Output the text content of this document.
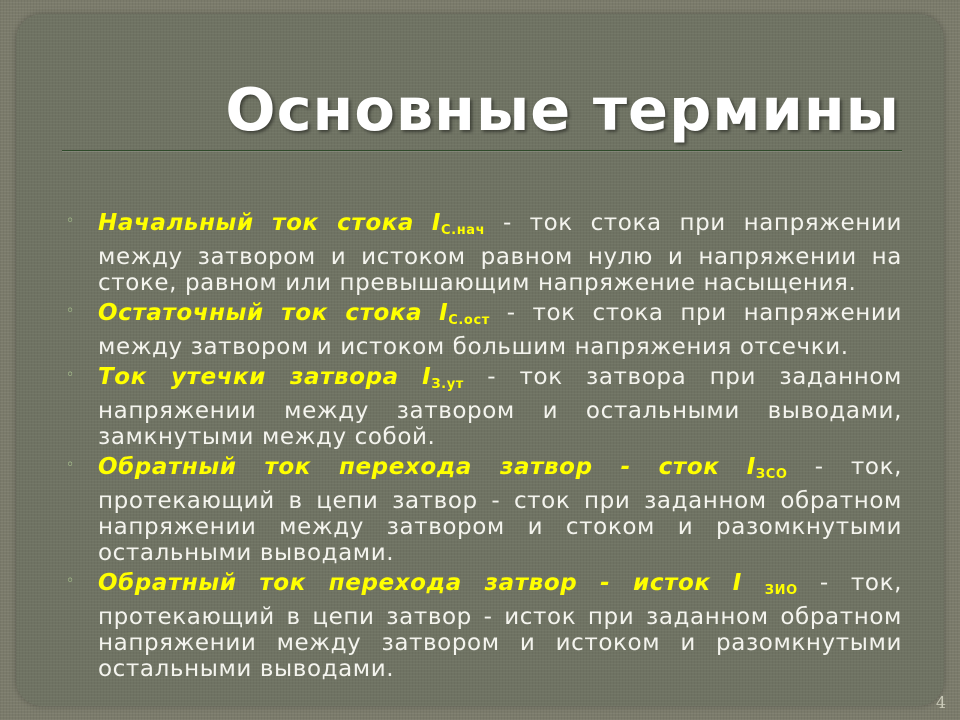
Основные термины
◦ Начальный ток стока $I_{С.нач}$ - ток стока при напряжении между затвором и истоком равном нулю и напряжении на стоке, равном или превышающим напряжение насыщения.
◦ Остаточный ток стока $I_{С.ост}$ - ток стока при напряжении между затвором и истоком большим напряжения отсечки.
◦ Ток утечки затвора $I_{З.ут}$ - ток затвора при заданном напряжении между затвором и остальными выводами, замкнутыми между собой.
◦ Обратный ток перехода затвор - сток $I_{ЗСО}$ - ток, протекающий в цепи затвор - сток при заданном обратном напряжении между затвором и стоком и разомкнутыми остальными выводами.
◦ Обратный ток перехода затвор - исток I $_{ЗИО}$ - ток, протекающий в цепи затвор - исток при заданном обратном напряжении между затвором и истоком и разомкнутыми остальными выводами.
4
